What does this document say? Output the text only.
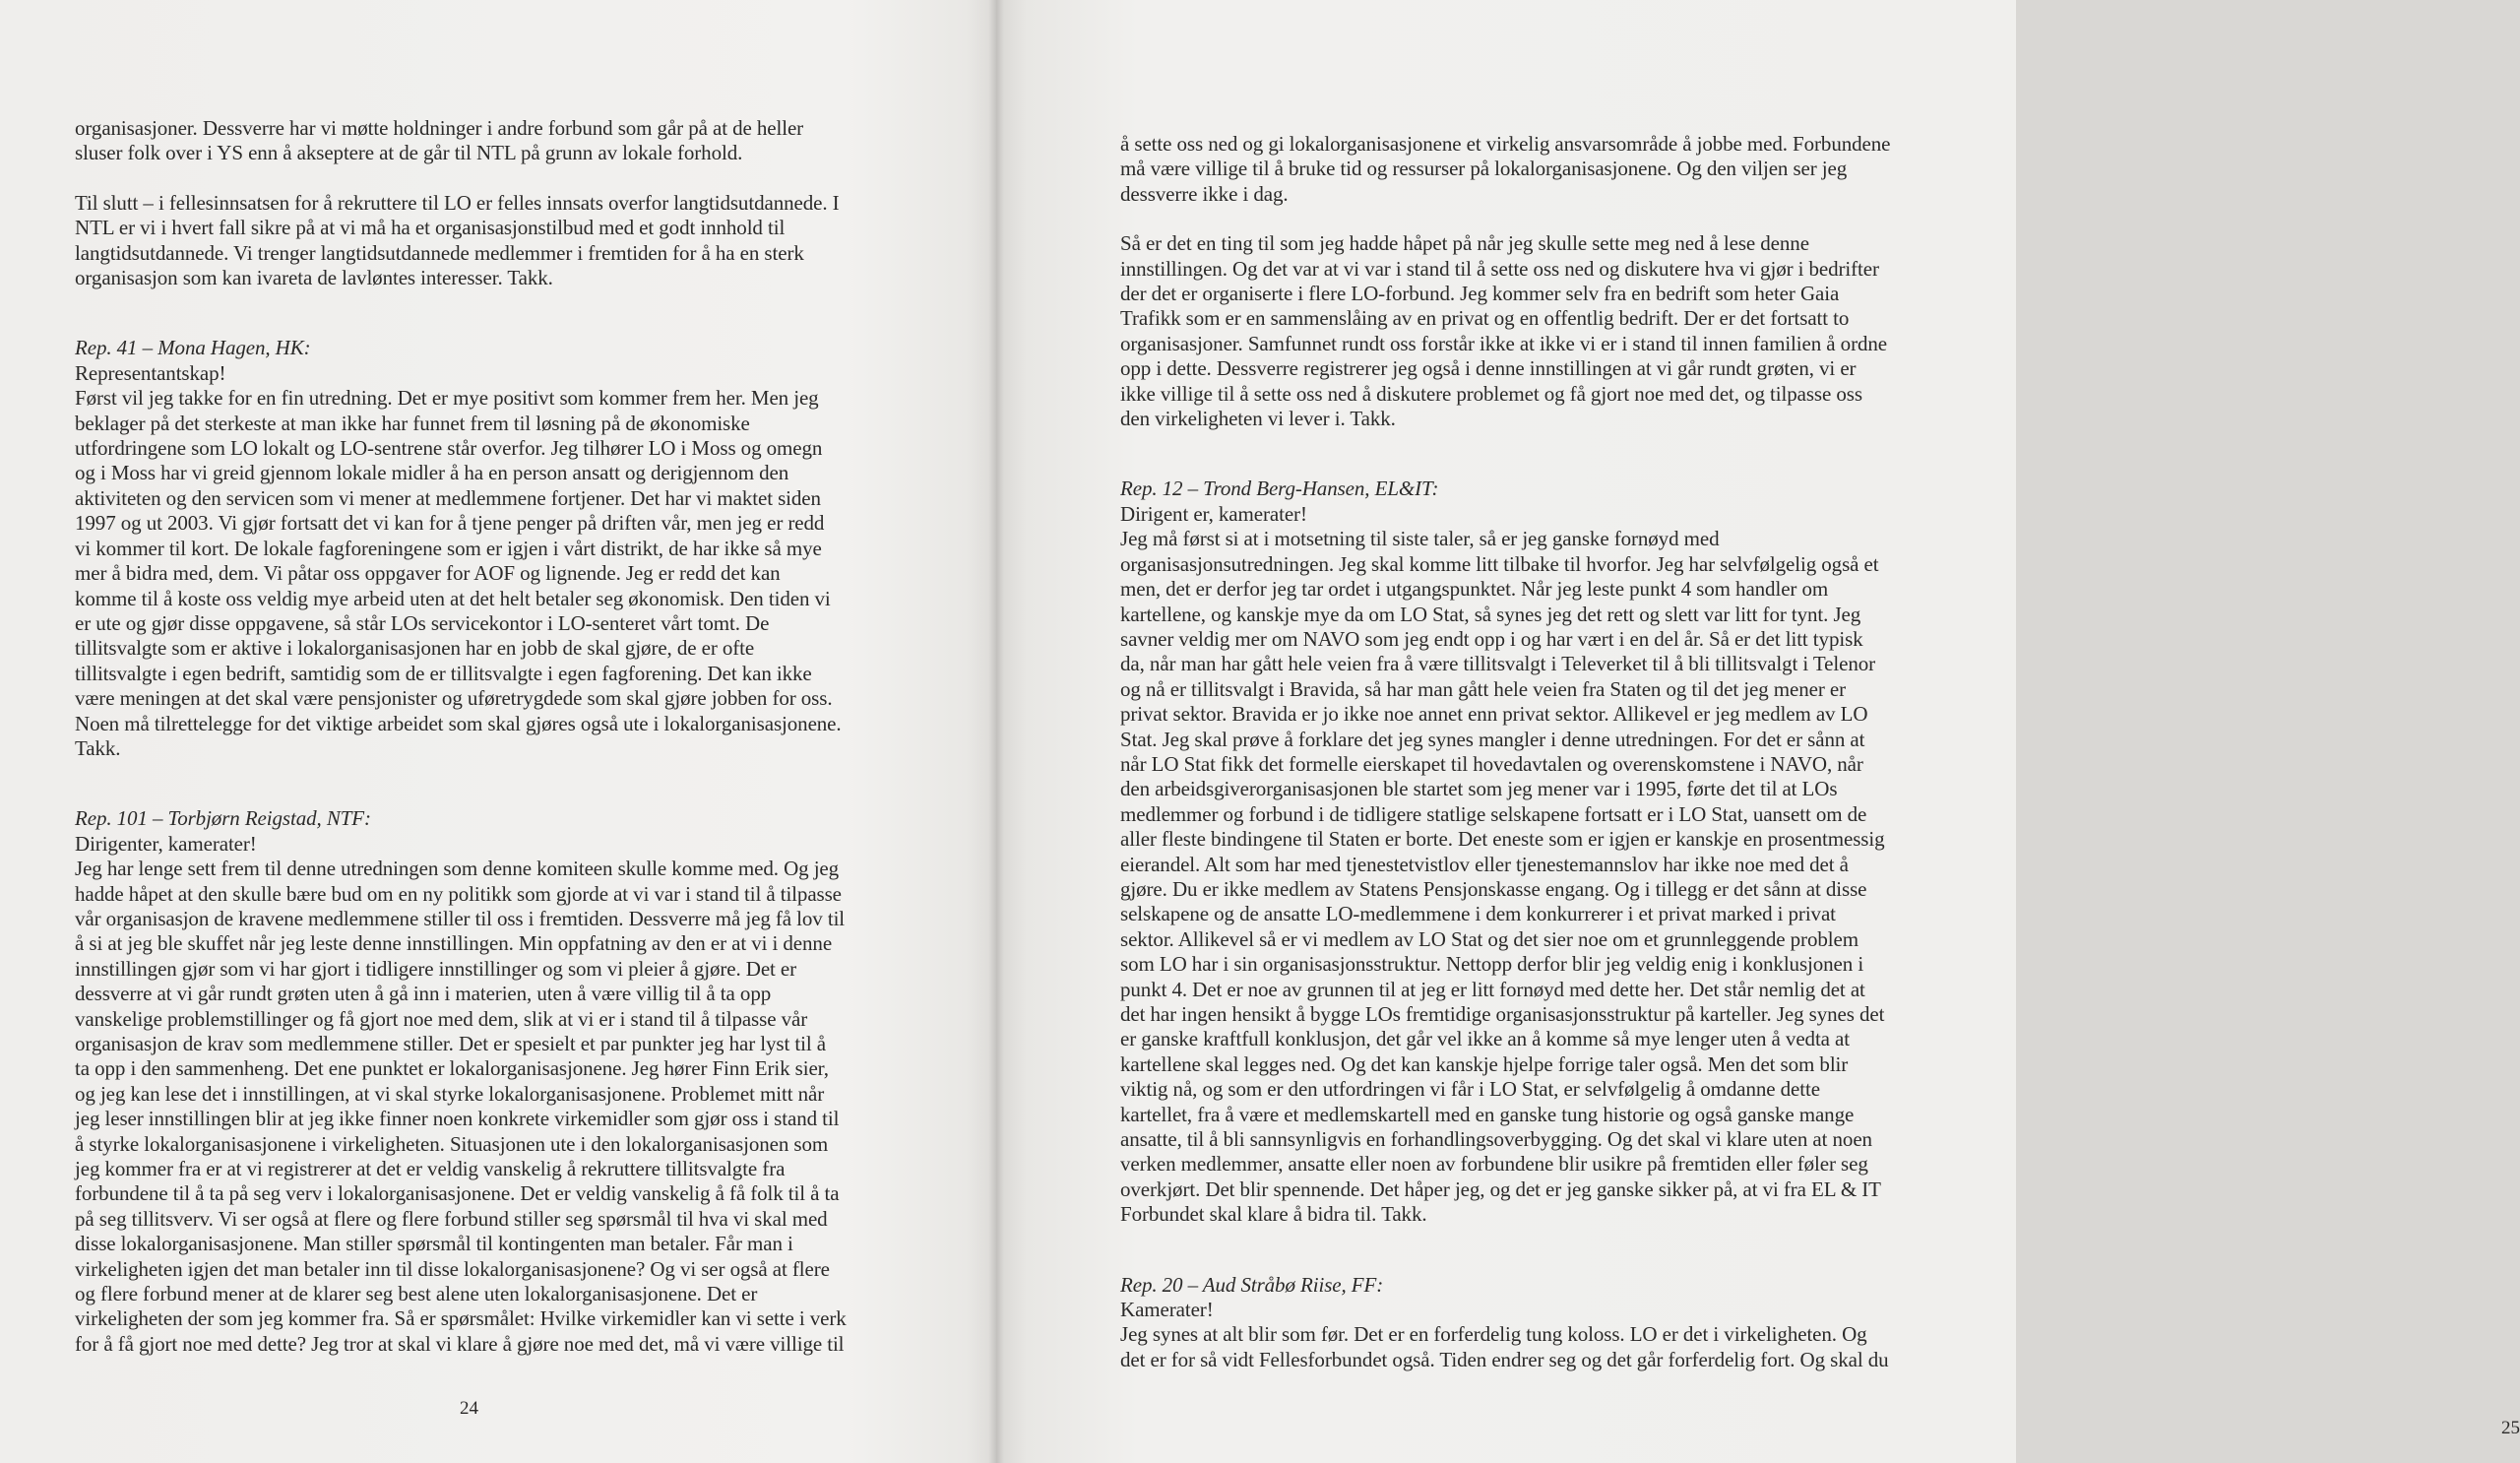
organisasjoner. Dessverre har vi møtte holdninger i andre forbund som går på at de heller
sluser folk over i YS enn å akseptere at de går til NTL på grunn av lokale forhold.

Til slutt – i fellesinnsatsen for å rekruttere til LO er felles innsats overfor langtidsutdannede. I
NTL er vi i hvert fall sikre på at vi må ha et organisasjonstilbud med et godt innhold til
langtidsutdannede. Vi trenger langtidsutdannede medlemmer i fremtiden for å ha en sterk
organisasjon som kan ivareta de lavløntes interesser. Takk.

Rep. 41 – Mona Hagen, HK:

Representantskap!

Først vil jeg takke for en fin utredning. Det er mye positivt som kommer frem her. Men jeg
beklager på det sterkeste at man ikke har funnet frem til løsning på de økonomiske
utfordringene som LO lokalt og LO-sentrene står overfor. Jeg tilhører LO i Moss og omegn
og i Moss har vi greid gjennom lokale midler å ha en person ansatt og derigjennom den
aktiviteten og den servicen som vi mener at medlemmene fortjener. Det har vi maktet siden
1997 og ut 2003. Vi gjør fortsatt det vi kan for å tjene penger på driften vår, men jeg er redd
vi kommer til kort. De lokale fagforeningene som er igjen i vårt distrikt, de har ikke så mye
mer å bidra med, dem. Vi påtar oss oppgaver for AOF og lignende. Jeg er redd det kan
komme til å koste oss veldig mye arbeid uten at det helt betaler seg økonomisk. Den tiden vi
er ute og gjør disse oppgavene, så står LOs servicekontor i LO-senteret vårt tomt. De
tillitsvalgte som er aktive i lokalorganisasjonen har en jobb de skal gjøre, de er ofte
tillitsvalgte i egen bedrift, samtidig som de er tillitsvalgte i egen fagforening. Det kan ikke
være meningen at det skal være pensjonister og uføretrygdede som skal gjøre jobben for oss.
Noen må tilrettelegge for det viktige arbeidet som skal gjøres også ute i lokalorganisasjonene.
Takk.

Rep. 101 – Torbjørn Reigstad, NTF:

Dirigenter, kamerater!

Jeg har lenge sett frem til denne utredningen som denne komiteen skulle komme med. Og jeg
hadde håpet at den skulle bære bud om en ny politikk som gjorde at vi var i stand til å tilpasse
vår organisasjon de kravene medlemmene stiller til oss i fremtiden. Dessverre må jeg få lov til
å si at jeg ble skuffet når jeg leste denne innstillingen. Min oppfatning av den er at vi i denne
innstillingen gjør som vi har gjort i tidligere innstillinger og som vi pleier å gjøre. Det er
dessverre at vi går rundt grøten uten å gå inn i materien, uten å være villig til å ta opp
vanskelige problemstillinger og få gjort noe med dem, slik at vi er i stand til å tilpasse vår
organisasjon de krav som medlemmene stiller. Det er spesielt et par punkter jeg har lyst til å
ta opp i den sammenheng. Det ene punktet er lokalorganisasjonene. Jeg hører Finn Erik sier,
og jeg kan lese det i innstillingen, at vi skal styrke lokalorganisasjonene. Problemet mitt når
jeg leser innstillingen blir at jeg ikke finner noen konkrete virkemidler som gjør oss i stand til
å styrke lokalorganisasjonene i virkeligheten. Situasjonen ute i den lokalorganisasjonen som
jeg kommer fra er at vi registrerer at det er veldig vanskelig å rekruttere tillitsvalgte fra
forbundene til å ta på seg verv i lokalorganisasjonene. Det er veldig vanskelig å få folk til å ta
på seg tillitsverv. Vi ser også at flere og flere forbund stiller seg spørsmål til hva vi skal med
disse lokalorganisasjonene. Man stiller spørsmål til kontingenten man betaler. Får man i
virkeligheten igjen det man betaler inn til disse lokalorganisasjonene? Og vi ser også at flere
og flere forbund mener at de klarer seg best alene uten lokalorganisasjonene. Det er
virkeligheten der som jeg kommer fra. Så er spørsmålet: Hvilke virkemidler kan vi sette i verk
for å få gjort noe med dette? Jeg tror at skal vi klare å gjøre noe med det, må vi være villige til

24
25

å sette oss ned og gi lokalorganisasjonene et virkelig ansvarsområde å jobbe med. Forbundene
må være villige til å bruke tid og ressurser på lokalorganisasjonene. Og den viljen ser jeg
dessverre ikke i dag.

Så er det en ting til som jeg hadde håpet på når jeg skulle sette meg ned å lese denne
innstillingen. Og det var at vi var i stand til å sette oss ned og diskutere hva vi gjør i bedrifter
der det er organiserte i flere LO-forbund. Jeg kommer selv fra en bedrift som heter Gaia
Trafikk som er en sammenslåing av en privat og en offentlig bedrift. Der er det fortsatt to
organisasjoner. Samfunnet rundt oss forstår ikke at ikke vi er i stand til innen familien å ordne
opp i dette. Dessverre registrerer jeg også i denne innstillingen at vi går rundt grøten, vi er
ikke villige til å sette oss ned å diskutere problemet og få gjort noe med det, og tilpasse oss
den virkeligheten vi lever i. Takk.

Rep. 12 – Trond Berg-Hansen, EL&IT:

Dirigent er, kamerater!

Jeg må først si at i motsetning til siste taler, så er jeg ganske fornøyd med
organisasjonsutredningen. Jeg skal komme litt tilbake til hvorfor. Jeg har selvfølgelig også et
men, det er derfor jeg tar ordet i utgangspunktet. Når jeg leste punkt 4 som handler om
kartellene, og kanskje mye da om LO Stat, så synes jeg det rett og slett var litt for tynt. Jeg
savner veldig mer om NAVO som jeg endt opp i og har vært i en del år. Så er det litt typisk
da, når man har gått hele veien fra å være tillitsvalgt i Televerket til å bli tillitsvalgt i Telenor
og nå er tillitsvalgt i Bravida, så har man gått hele veien fra Staten og til det jeg mener er
privat sektor. Bravida er jo ikke noe annet enn privat sektor. Allikevel er jeg medlem av LO
Stat. Jeg skal prøve å forklare det jeg synes mangler i denne utredningen. For det er sånn at
når LO Stat fikk det formelle eierskapet til hovedavtalen og overenskomstene i NAVO, når
den arbeidsgiverorganisasjonen ble startet som jeg mener var i 1995, førte det til at LOs
medlemmer og forbund i de tidligere statlige selskapene fortsatt er i LO Stat, uansett om de
aller fleste bindingene til Staten er borte. Det eneste som er igjen er kanskje en prosentmessig
eierandel. Alt som har med tjenestetvistlov eller tjenestemannslov har ikke noe med det å
gjøre. Du er ikke medlem av Statens Pensjonskasse engang. Og i tillegg er det sånn at disse
selskapene og de ansatte LO-medlemmene i dem konkurrerer i et privat marked i privat
sektor. Allikevel så er vi medlem av LO Stat og det sier noe om et grunnleggende problem
som LO har i sin organisasjonsstruktur. Nettopp derfor blir jeg veldig enig i konklusjonen i
punkt 4. Det er noe av grunnen til at jeg er litt fornøyd med dette her. Det står nemlig det at
det har ingen hensikt å bygge LOs fremtidige organisasjonsstruktur på karteller. Jeg synes det
er ganske kraftfull konklusjon, det går vel ikke an å komme så mye lenger uten å vedta at
kartellene skal legges ned. Og det kan kanskje hjelpe forrige taler også. Men det som blir
viktig nå, og som er den utfordringen vi får i LO Stat, er selvfølgelig å omdanne dette
kartellet, fra å være et medlemskartell med en ganske tung historie og også ganske mange
ansatte, til å bli sannsynligvis en forhandlingsoverbygging. Og det skal vi klare uten at noen
verken medlemmer, ansatte eller noen av forbundene blir usikre på fremtiden eller føler seg
overkjørt. Det blir spennende. Det håper jeg, og det er jeg ganske sikker på, at vi fra EL & IT
Forbundet skal klare å bidra til. Takk.

Rep. 20 – Aud Stråbø Riise, FF:

Kamerater!

Jeg synes at alt blir som før. Det er en forferdelig tung koloss. LO er det i virkeligheten. Og
det er for så vidt Fellesforbundet også. Tiden endrer seg og det går forferdelig fort. Og skal du
